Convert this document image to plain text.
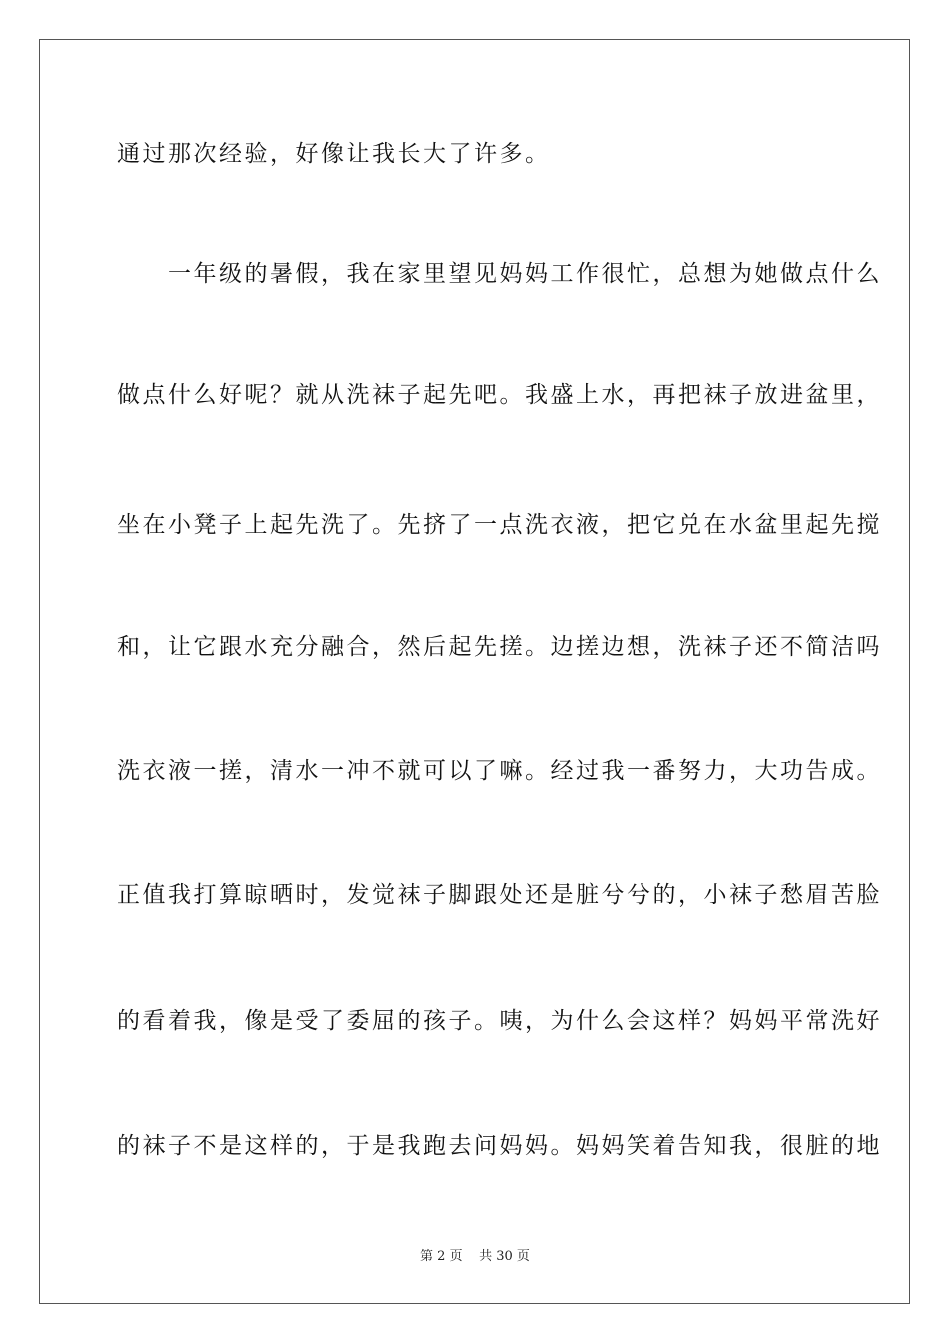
通过那次经验，好像让我长大了许多。
　　一年级的暑假，我在家里望见妈妈工作很忙，总想为她做点什么
做点什么好呢？就从洗袜子起先吧。我盛上水，再把袜子放进盆里，
坐在小凳子上起先洗了。先挤了一点洗衣液，把它兑在水盆里起先搅
和，让它跟水充分融合，然后起先搓。边搓边想，洗袜子还不简洁吗
洗衣液一搓，清水一冲不就可以了嘛。经过我一番努力，大功告成。
正值我打算晾晒时，发觉袜子脚跟处还是脏兮兮的，小袜子愁眉苦脸
的看着我，像是受了委屈的孩子。咦，为什么会这样？妈妈平常洗好
的袜子不是这样的，于是我跑去问妈妈。妈妈笑着告知我，很脏的地
第 2 页 共 30 页
